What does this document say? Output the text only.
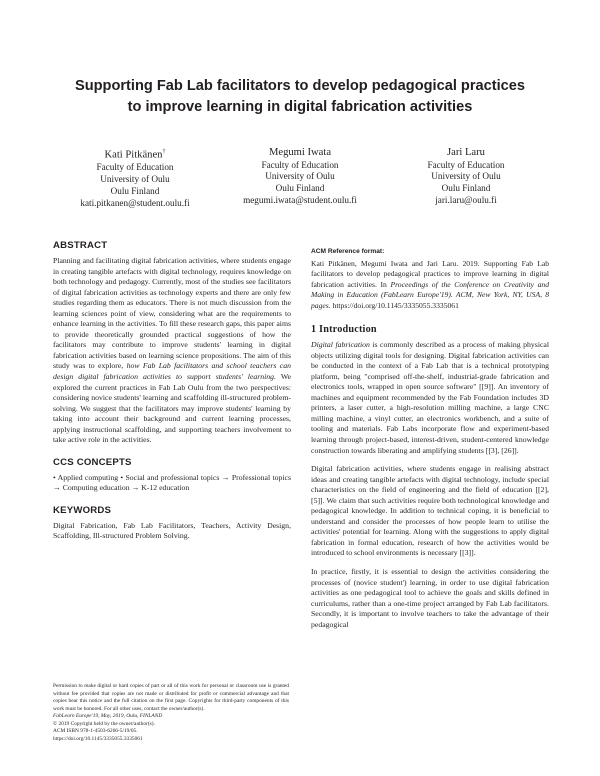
Supporting Fab Lab facilitators to develop pedagogical practices
to improve learning in digital fabrication activities
Kati Pitkänen†
Faculty of Education
University of Oulu
Oulu Finland
kati.pitkanen@student.oulu.fi
Megumi Iwata
Faculty of Education
University of Oulu
Oulu Finland
megumi.iwata@student.oulu.fi
Jari Laru
Faculty of Education
University of Oulu
Oulu Finland
jari.laru@oulu.fi
ABSTRACT

Planning and facilitating digital fabrication activities, where students engage in creating tangible artefacts with digital technology, requires knowledge on both technology and pedagogy. Currently, most of the studies see facilitators of digital fabrication activities as technology experts and there are only few studies regarding them as educators. There is not much discussion from the learning sciences point of view, considering what are the requirements to enhance learning in the activities. To fill these research gaps, this paper aims to provide theoretically grounded practical suggestions of how the facilitators may contribute to improve students' learning in digital fabrication activities based on learning science propositions. The aim of this study was to explore, how Fab Lab facilitators and school teachers can design digital fabrication activities to support students' learning. We explored the current practices in Fab Lab Oulu from the two perspectives: considering novice students' learning and scaffolding ill-structured problem-solving. We suggest that the facilitators may improve students' learning by taking into account their background and current learning processes, applying instructional scaffolding, and supporting teachers involvement to take active role in the activities.

CCS CONCEPTS

• Applied computing • Social and professional topics → Professional topics → Computing education → K-12 education

KEYWORDS

Digital Fabrication, Fab Lab Facilitators, Teachers, Activity Design, Scaffolding, Ill-structured Problem Solving.

Permission to make digital or hard copies of part or all of this work for personal or classroom use is granted without fee provided that copies are not made or distributed for profit or commercial advantage and that copies bear this notice and the full citation on the first page. Copyrights for third-party components of this work must be honored. For all other uses, contact the owner/author(s).
FabLearn Europe'19, May, 2019, Oulu, FINLAND
© 2019 Copyright held by the owner/author(s).
ACM ISBN 978-1-4503-6266-5/19/05.
https://doi.org/10.1145/3335055.3335061
ACM Reference format:

Kati Pitkänen, Megumi Iwata and Jari Laru. 2019. Supporting Fab Lab facilitators to develop pedagogical practices to improve learning in digital fabrication activities. In Proceedings of the Conference on Creativity and Making in Education (FabLearn Europe'19). ACM, New York, NY, USA, 8 pages. https://doi.org/10.1145/3335055.3335061

1 Introduction

Digital fabrication is commonly described as a process of making physical objects utilizing digital tools for designing. Digital fabrication activities can be conducted in the context of a Fab Lab that is a technical prototyping platform, being "comprised off-the-shelf, industrial-grade fabrication and electronics tools, wrapped in open source software" [[9]]. An inventory of machines and equipment recommended by the Fab Foundation includes 3D printers, a laser cutter, a high-resolution milling machine, a large CNC milling machine, a vinyl cutter, an electronics workbench, and a suite of tooling and materials. Fab Labs incorporate flow and experiment-based learning through project-based, interest-driven, student-centered knowledge construction towards liberating and amplifying students [[3], [26]].

Digital fabrication activities, where students engage in realising abstract ideas and creating tangible artefacts with digital technology, include special characteristics on the field of engineering and the field of education [[2], [5]]. We claim that such activities require both technological knowledge and pedagogical knowledge. In addition to technical coping, it is beneficial to understand and consider the processes of how people learn to utilise the activities' potential for learning. Along with the suggestions to apply digital fabrication in formal education, research of how the activities would be introduced to school environments is necessary [[3]].

In practice, firstly, it is essential to design the activities considering the processes of (novice student') learning, in order to use digital fabrication activities as one pedagogical tool to achieve the goals and skills defined in curriculums, rather than a one-time project arranged by Fab Lab facilitators. Secondly, it is important to involve teachers to take the advantage of their pedagogical
